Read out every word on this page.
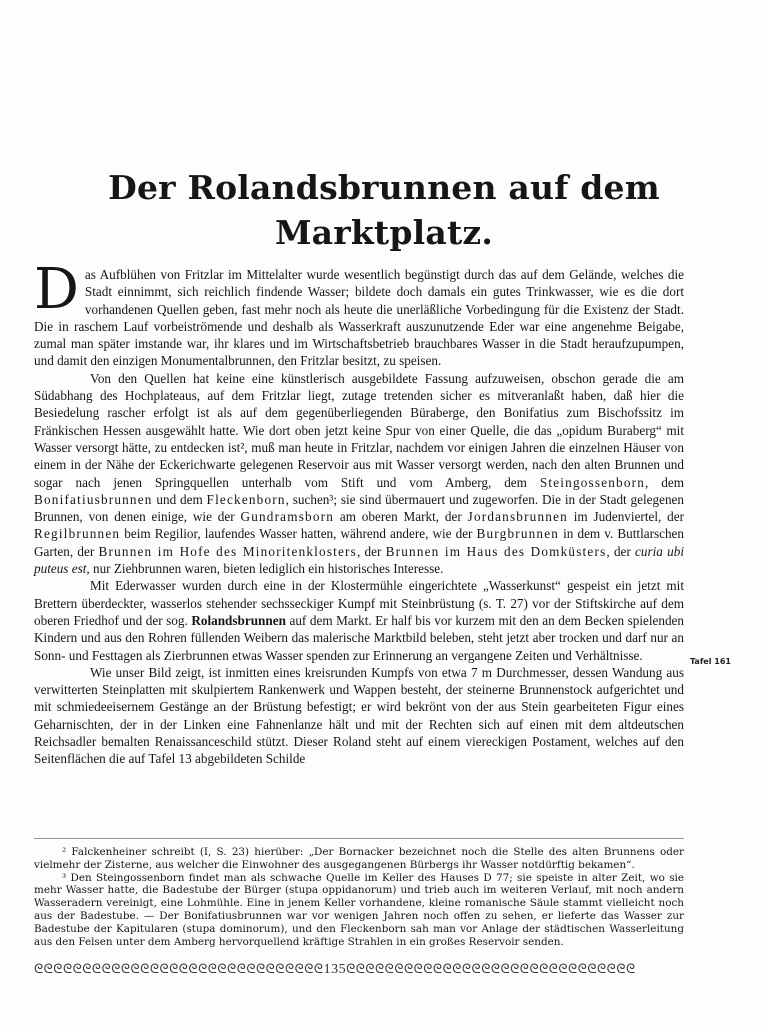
Der Rolandsbrunnen auf dem
Marktplatz.

Das Aufblühen von Fritzlar im Mittelalter wurde wesentlich begünstigt durch das auf dem Gelände, welches die Stadt einnimmt, sich reichlich findende Wasser; bildete doch damals ein gutes Trinkwasser, wie es die dort vorhandenen Quellen geben, fast mehr noch als heute die unerläßliche Vorbedingung für die Existenz der Stadt. Die in raschem Lauf vorbeiströmende und deshalb als Wasserkraft auszunutzende Eder war eine angenehme Beigabe, zumal man später imstande war, ihr klares und im Wirtschaftsbetrieb brauchbares Wasser in die Stadt heraufzupumpen, und damit den einzigen Monumentalbrunnen, den Fritzlar besitzt, zu speisen.

Von den Quellen hat keine eine künstlerisch ausgebildete Fassung aufzuweisen, obschon gerade die am Südabhang des Hochplateaus, auf dem Fritzlar liegt, zutage tretenden sicher es mitveranlaßt haben, daß hier die Besiedelung rascher erfolgt ist als auf dem gegenüberliegenden Büraberge, den Bonifatius zum Bischofssitz im Fränkischen Hessen ausgewählt hatte. Wie dort oben jetzt keine Spur von einer Quelle, die das „opidum Buraberg“ mit Wasser versorgt hätte, zu entdecken ist², muß man heute in Fritzlar, nachdem vor einigen Jahren die einzelnen Häuser von einem in der Nähe der Eckerichwarte gelegenen Reservoir aus mit Wasser versorgt werden, nach den alten Brunnen und sogar nach jenen Springquellen unterhalb vom Stift und vom Amberg, dem Steingossenborn, dem Bonifatiusbrunnen und dem Fleckenborn, suchen³; sie sind übermauert und zugeworfen. Die in der Stadt gelegenen Brunnen, von denen einige, wie der Gundramsborn am oberen Markt, der Jordansbrunnen im Judenviertel, der Regilbrunnen beim Regilior, laufendes Wasser hatten, während andere, wie der Burgbrunnen in dem v. Buttlarschen Garten, der Brunnen im Hofe des Minoritenklosters, der Brunnen im Haus des Domküsters, der curia ubi puteus est, nur Ziehbrunnen waren, bieten lediglich ein historisches Interesse.

Mit Ederwasser wurden durch eine in der Klostermühle eingerichtete „Wasserkunst“ gespeist ein jetzt mit Brettern überdeckter, wasserlos stehender sechsseckiger Kumpf mit Steinbrüstung (s. T. 27) vor der Stiftskirche auf dem oberen Friedhof und der sog. Rolandsbrunnen auf dem Markt. Er half bis vor kurzem mit den an dem Becken spielenden Kindern und aus den Rohren füllenden Weibern das malerische Marktbild beleben, steht jetzt aber trocken und darf nur an Sonn- und Festtagen als Zierbrunnen etwas Wasser spenden zur Erinnerung an vergangene Zeiten und Verhältnisse.

Wie unser Bild zeigt, ist inmitten eines kreisrunden Kumpfs von etwa 7 m Durchmesser, dessen Wandung aus verwitterten Steinplatten mit skulpiertem Rankenwerk und Wappen besteht, der steinerne Brunnenstock aufgerichtet und mit schmiedeeisernem Gestänge an der Brüstung befestigt; er wird bekrönt von der aus Stein gearbeiteten Figur eines Geharnischten, der in der Linken eine Fahnenlanze hält und mit der Rechten sich auf einen mit dem altdeutschen Reichsadler bemalten Renaissanceschild stützt. Dieser Roland steht auf einem viereckigen Postament, welches auf den Seitenflächen die auf Tafel 13 abgebildeten Schilde

Tafel 161

² Falckenheiner schreibt (I, S. 23) hierüber: „Der Bornacker bezeichnet noch die Stelle des alten Brunnens oder vielmehr der Zisterne, aus welcher die Einwohner des ausgegangenen Bürbergs ihr Wasser notdürftig bekamen“.

³ Den Steingossenborn findet man als schwache Quelle im Keller des Hauses D 77; sie speiste in alter Zeit, wo sie mehr Wasser hatte, die Badestube der Bürger (stupa oppidanorum) und trieb auch im weiteren Verlauf, mit noch andern Wasseradern vereinigt, eine Lohmühle. Eine in jenem Keller vorhandene, kleine romanische Säule stammt vielleicht noch aus der Badestube. — Der Bonifatiusbrunnen war vor wenigen Jahren noch offen zu sehen, er lieferte das Wasser zur Badestube der Kapitularen (stupa dominorum), und den Fleckenborn sah man vor Anlage der städtischen Wasserleitung aus den Felsen unter dem Amberg hervorquellend kräftige Strahlen in ein großes Reservoir senden.

ᘓᘓᘓᘓᘓᘓᘓᘓᘓᘓᘓᘓᘓᘓᘓᘓᘓᘓᘓᘓᘓᘓᘓᘓᘓᘓᘓᘓᘓᘓ135ᘓᘓᘓᘓᘓᘓᘓᘓᘓᘓᘓᘓᘓᘓᘓᘓᘓᘓᘓᘓᘓᘓᘓᘓᘓᘓᘓᘓᘓᘓ
